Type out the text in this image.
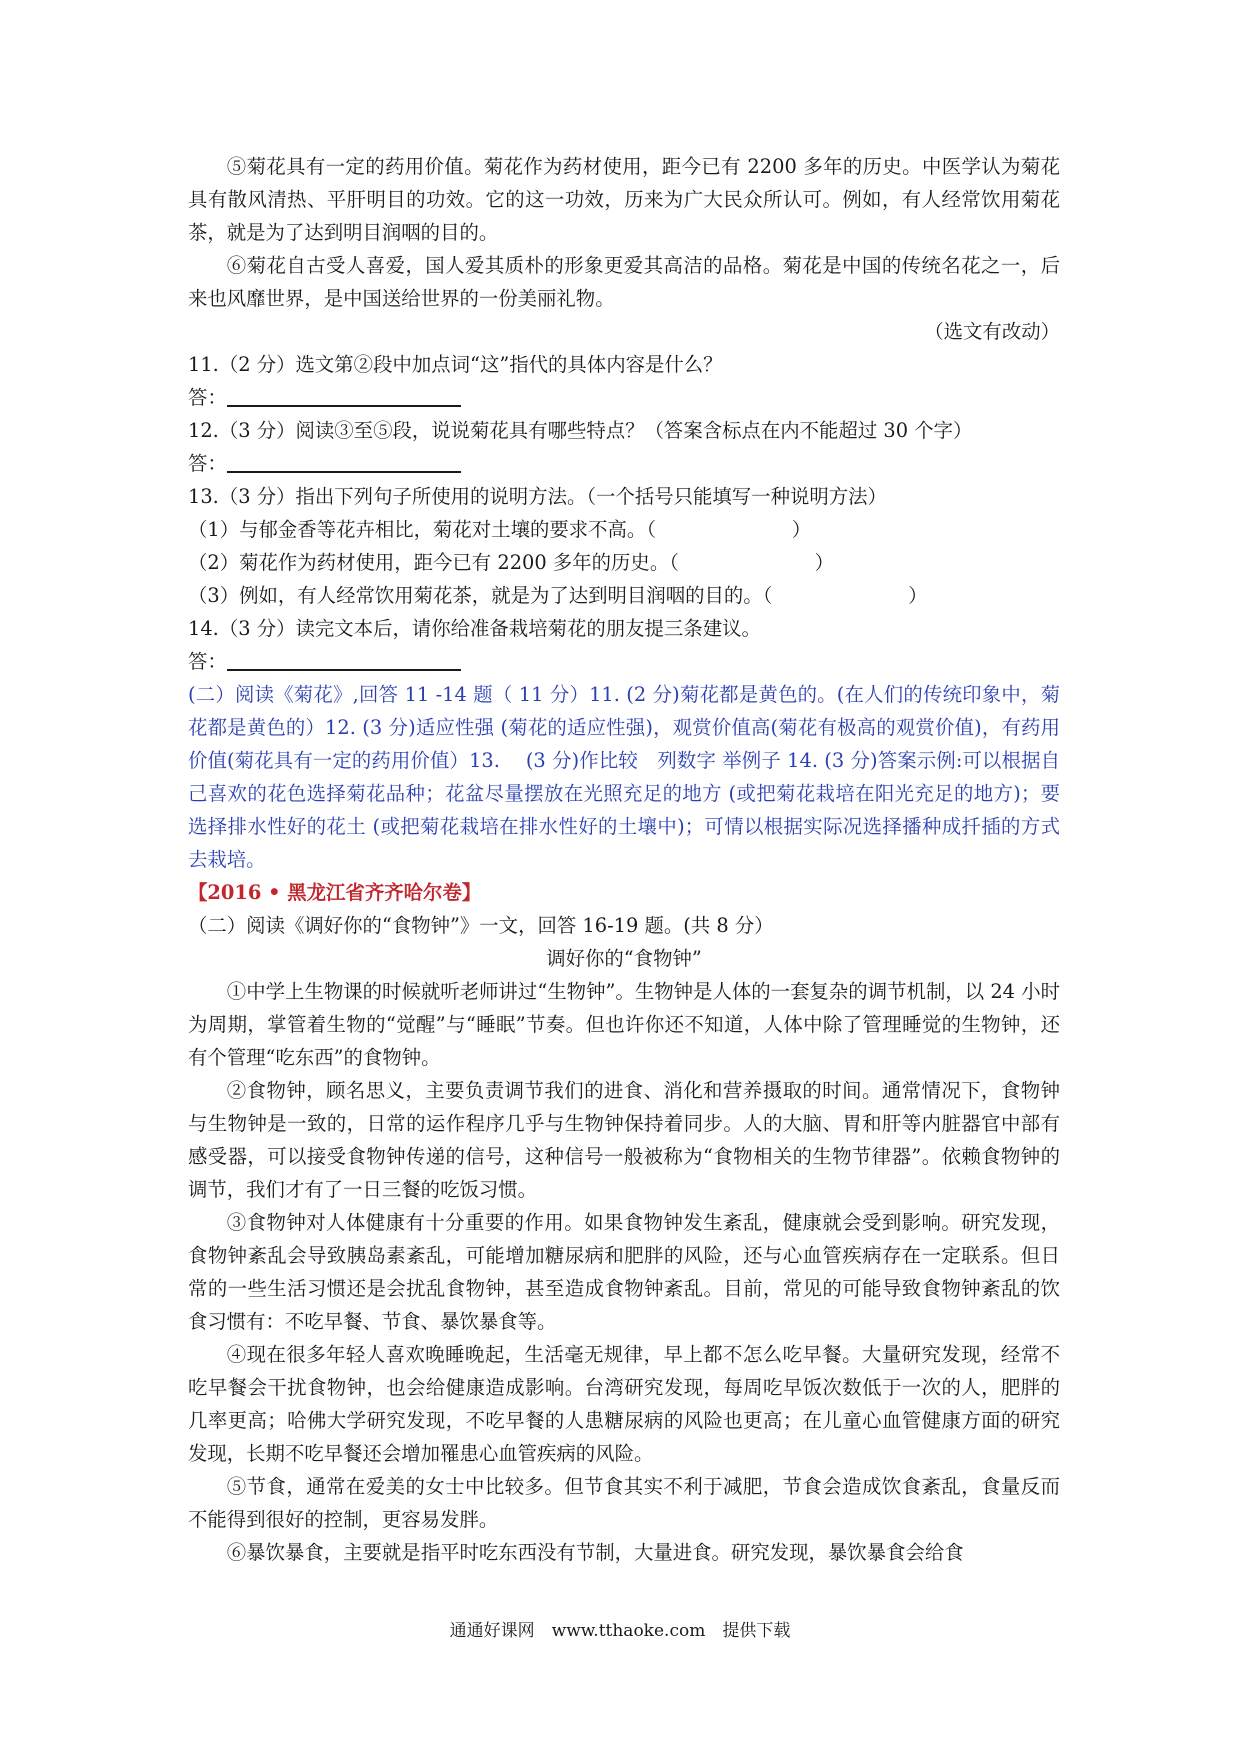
⑤菊花具有一定的药用价值。菊花作为药材使用，距今已有 2200 多年的历史。中医学认为菊花具有散风清热、平肝明目的功效。它的这一功效，历来为广大民众所认可。例如，有人经常饮用菊花茶，就是为了达到明目润咽的目的。

⑥菊花自古受人喜爱，国人爱其质朴的形象更爱其高洁的品格。菊花是中国的传统名花之一，后来也风靡世界，是中国送给世界的一份美丽礼物。

（选文有改动）

11.（2 分）选文第②段中加点词“这”指代的具体内容是什么？

答：

12.（3 分）阅读③至⑤段，说说菊花具有哪些特点？（答案含标点在内不能超过 30 个字）

答：

13.（3 分）指出下列句子所使用的说明方法。（一个括号只能填写一种说明方法）

（1）与郁金香等花卉相比，菊花对土壤的要求不高。（　　　　　　　）

（2）菊花作为药材使用，距今已有 2200 多年的历史。（　　　　　　　）

（3）例如，有人经常饮用菊花茶，就是为了达到明目润咽的目的。（　　　　　　　）

14.（3 分）读完文本后，请你给准备栽培菊花的朋友提三条建议。

答：

(二）阅读《菊花》,回答 11 -14 题（ 11 分）11. (2 分)菊花都是黄色的。(在人们的传统印象中，菊花都是黄色的）12. (3 分)适应性强 (菊花的适应性强)，观赏价值高(菊花有极高的观赏价值)，有药用价值(菊花具有一定的药用价值）13.　 (3 分)作比较　列数字 举例子 14. (3 分)答案示例:可以根据自己喜欢的花色选择菊花品种；花盆尽量摆放在光照充足的地方 (或把菊花栽培在阳光充足的地方)；要选择排水性好的花土 (或把菊花栽培在排水性好的土壤中)；可情以根据实际况选择播种成扦插的方式去栽培。

【2016 • 黑龙江省齐齐哈尔卷】

（二）阅读《调好你的“食物钟”》一文，回答 16-19 题。(共 8 分）

调好你的“食物钟”

①中学上生物课的时候就听老师讲过“生物钟”。生物钟是人体的一套复杂的调节机制，以 24 小时为周期，掌管着生物的“觉醒”与“睡眠”节奏。但也许你还不知道，人体中除了管理睡觉的生物钟，还有个管理“吃东西”的食物钟。

②食物钟，顾名思义，主要负责调节我们的进食、消化和营养摄取的时间。通常情况下，食物钟与生物钟是一致的，日常的运作程序几乎与生物钟保持着同步。人的大脑、胃和肝等内脏器官中部有感受器，可以接受食物钟传递的信号，这种信号一般被称为“食物相关的生物节律器”。依赖食物钟的调节，我们才有了一日三餐的吃饭习惯。

③食物钟对人体健康有十分重要的作用。如果食物钟发生紊乱，健康就会受到影响。研究发现，食物钟紊乱会导致胰岛素紊乱，可能增加糖尿病和肥胖的风险，还与心血管疾病存在一定联系。但日常的一些生活习惯还是会扰乱食物钟，甚至造成食物钟紊乱。目前，常见的可能导致食物钟紊乱的饮食习惯有：不吃早餐、节食、暴饮暴食等。

④现在很多年轻人喜欢晚睡晚起，生活毫无规律，早上都不怎么吃早餐。大量研究发现，经常不吃早餐会干扰食物钟，也会给健康造成影响。台湾研究发现，每周吃早饭次数低于一次的人，肥胖的几率更高；哈佛大学研究发现，不吃早餐的人患糖尿病的风险也更高；在儿童心血管健康方面的研究发现，长期不吃早餐还会增加罹患心血管疾病的风险。

⑤节食，通常在爱美的女士中比较多。但节食其实不利于减肥，节食会造成饮食紊乱，食量反而不能得到很好的控制，更容易发胖。

⑥暴饮暴食，主要就是指平时吃东西没有节制，大量进食。研究发现，暴饮暴食会给食

通通好课网　www.tthaoke.com　提供下载
